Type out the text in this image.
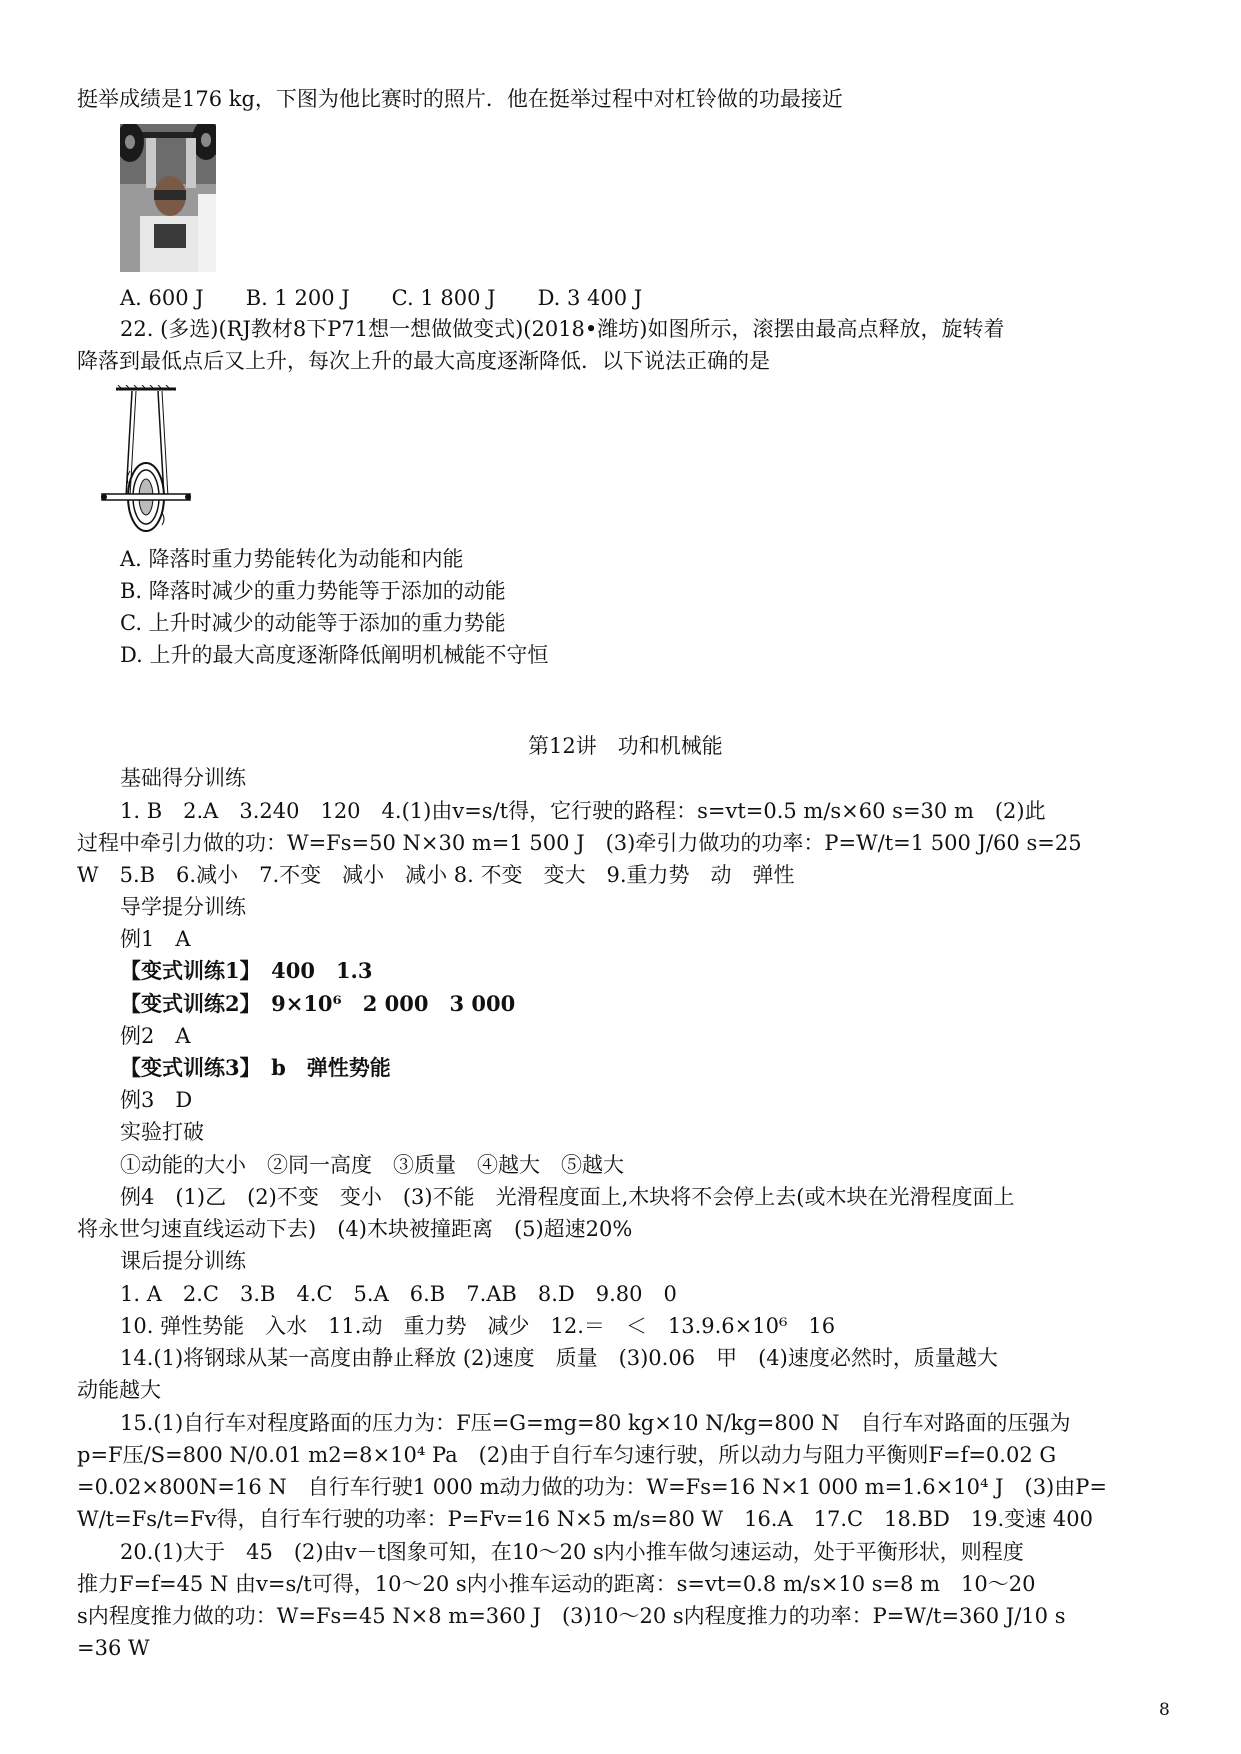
挺举成绩是176 kg，下图为他比赛时的照片．他在挺举过程中对杠铃做的功最接近
A. 600 J　　B. 1 200 J　　C. 1 800 J　　D. 3 400 J
22. (多选)(RJ教材8下P71想一想做做变式)(2018•潍坊)如图所示，滚摆由最高点释放，旋转着
降落到最低点后又上升，每次上升的最大高度逐渐降低．以下说法正确的是
A. 降落时重力势能转化为动能和内能
B. 降落时减少的重力势能等于添加的动能
C. 上升时减少的动能等于添加的重力势能
D. 上升的最大高度逐渐降低阐明机械能不守恒
第12讲　功和机械能
基础得分训练
1. B　2.A　3.240　120　4.(1)由v=s/t得，它行驶的路程：s=vt=0.5 m/s×60 s=30 m　(2)此
过程中牵引力做的功：W=Fs=50 N×30 m=1 500 J　(3)牵引力做功的功率：P=W/t=1 500 J/60 s=25
W　5.B　6.减小　7.不变　减小　减小 8. 不变　变大　9.重力势　动　弹性
导学提分训练
例1　A
【变式训练1】　400　1.3
【变式训练2】　9×10⁶　2 000　3 000
例2　A
【变式训练3】　b　弹性势能
例3　D
实验打破
①动能的大小　②同一高度　③质量　④越大　⑤越大
例4　(1)乙　(2)不变　变小　(3)不能　光滑程度面上,木块将不会停上去(或木块在光滑程度面上
将永世匀速直线运动下去)　(4)木块被撞距离　(5)超速20%
课后提分训练
1. A　2.C　3.B　4.C　5.A　6.B　7.AB　8.D　9.80　0
10. 弹性势能　入水　11.动　重力势　减少　12.＝　＜　13.9.6×10⁶　16
14.(1)将钢球从某一高度由静止释放 (2)速度　质量　(3)0.06　甲　(4)速度必然时，质量越大
动能越大
15.(1)自行车对程度路面的压力为：F压=G=mg=80 kg×10 N/kg=800 N　自行车对路面的压强为
p=F压/S=800 N/0.01 m2=8×10⁴ Pa　(2)由于自行车匀速行驶，所以动力与阻力平衡则F=f=0.02 G
=0.02×800N=16 N　自行车行驶1 000 m动力做的功为：W=Fs=16 N×1 000 m=1.6×10⁴ J　(3)由P=
W/t=Fs/t=Fv得，自行车行驶的功率：P=Fv=16 N×5 m/s=80 W　16.A　17.C　18.BD　19.变速 400
20.(1)大于　45　(2)由v－t图象可知，在10～20 s内小推车做匀速运动，处于平衡形状，则程度
推力F=f=45 N 由v=s/t可得，10～20 s内小推车运动的距离：s=vt=0.8 m/s×10 s=8 m　10～20
s内程度推力做的功：W=Fs=45 N×8 m=360 J　(3)10～20 s内程度推力的功率：P=W/t=360 J/10 s
=36 W
8
